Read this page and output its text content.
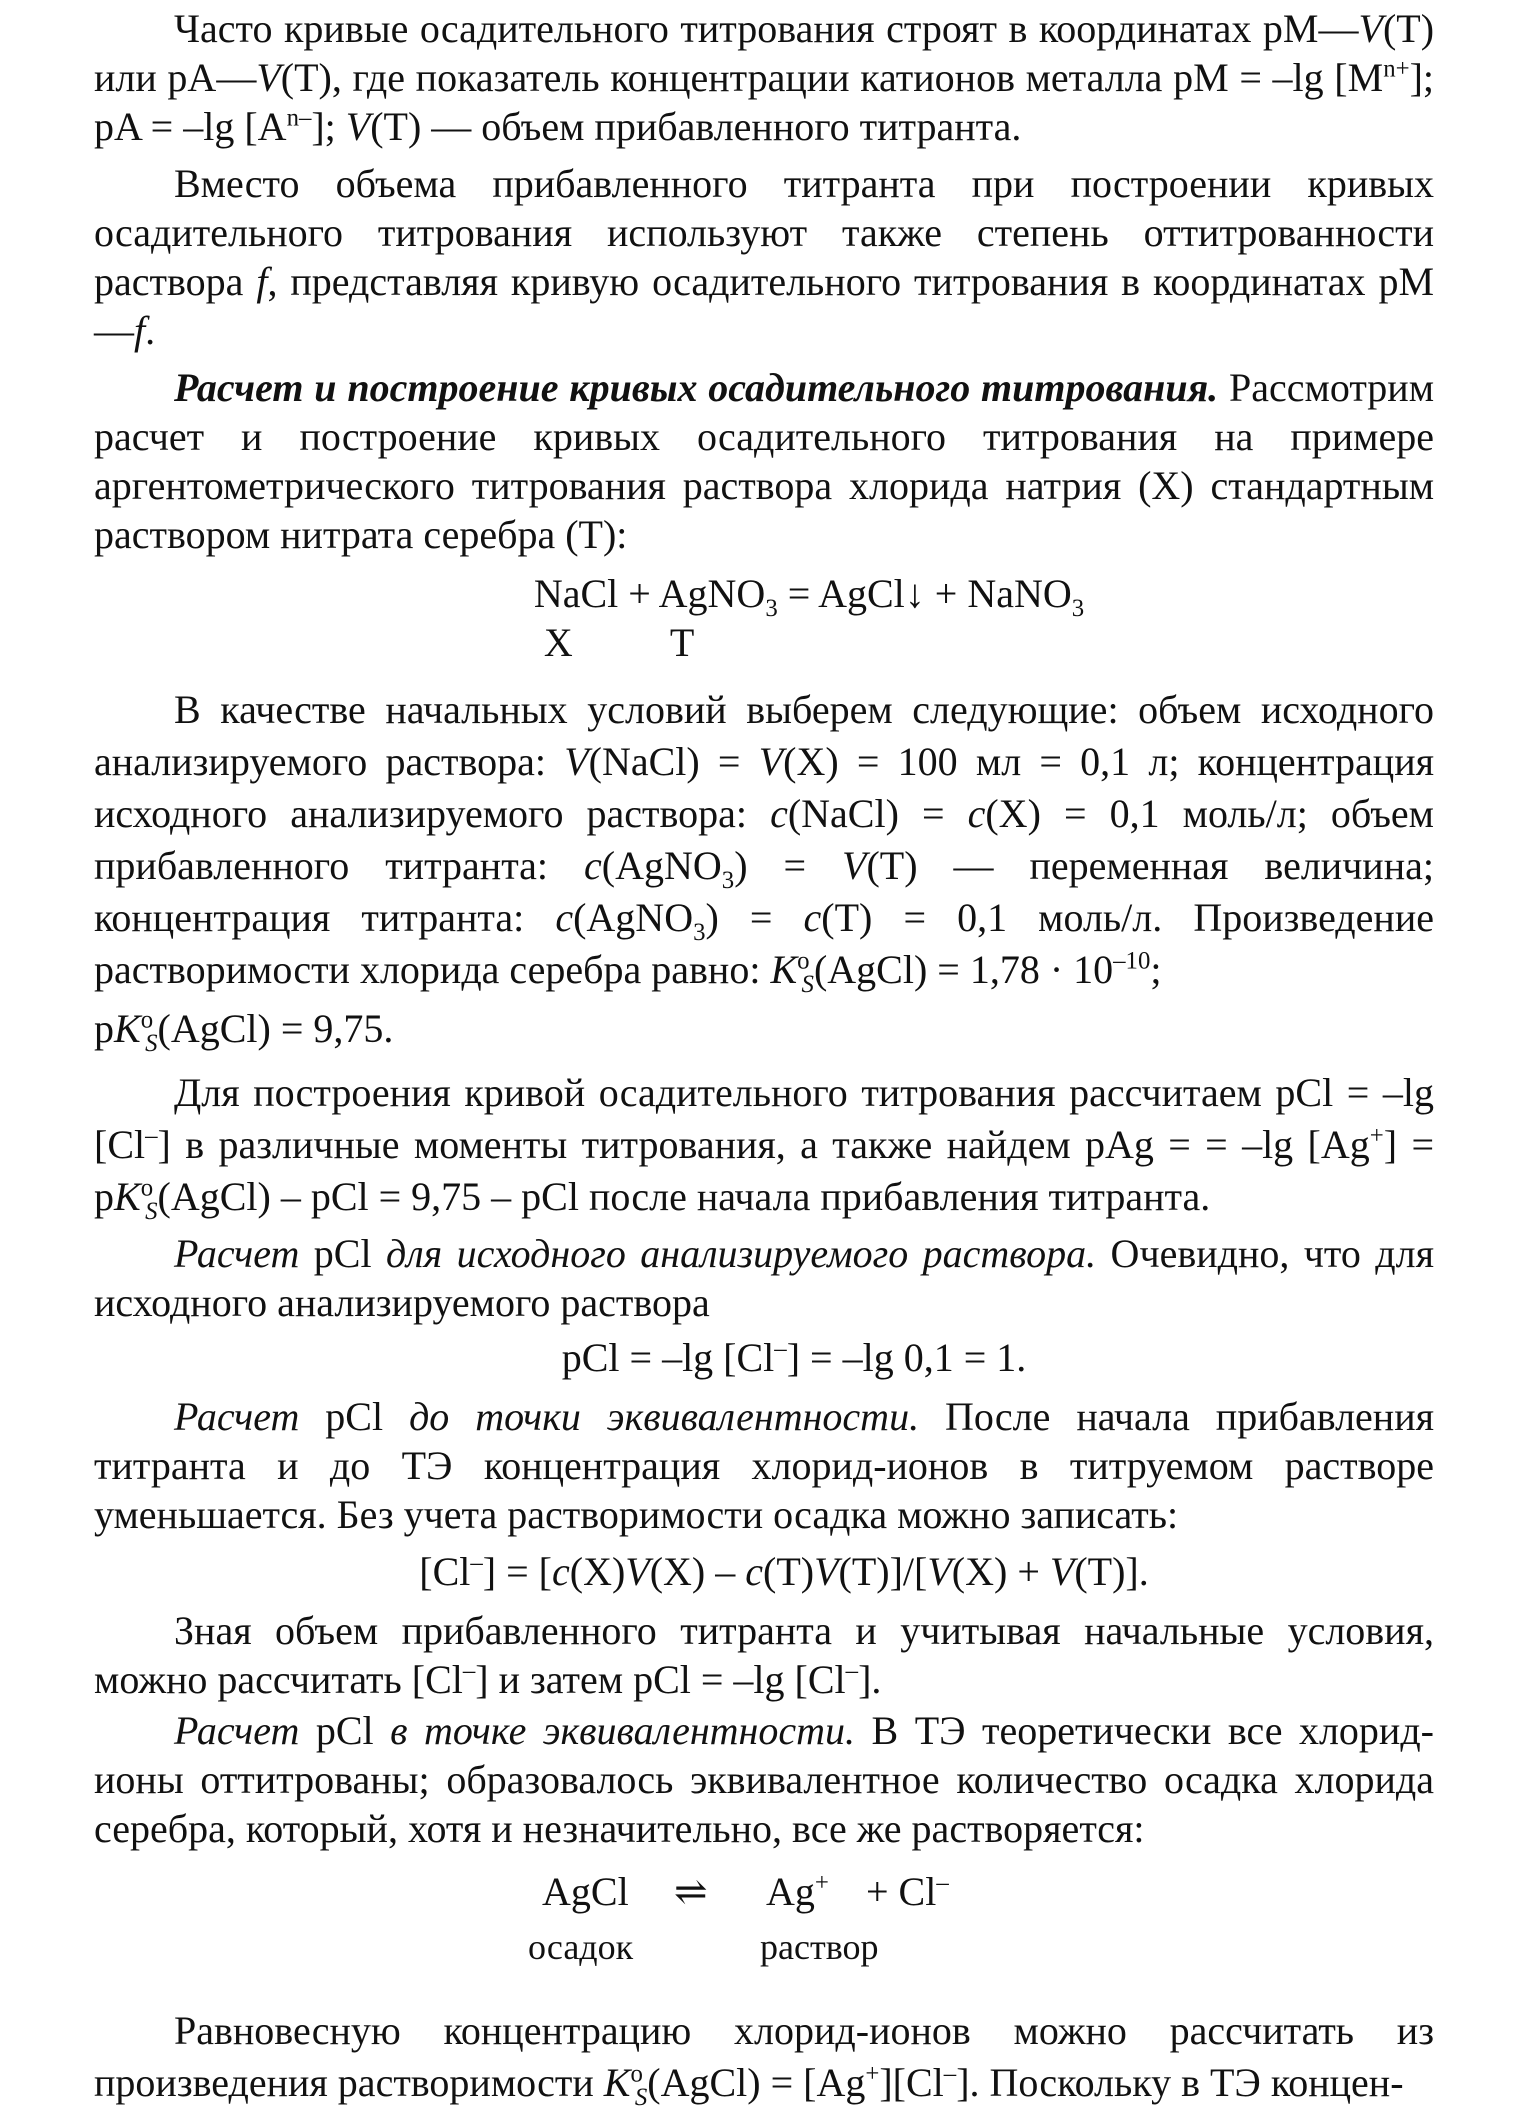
Часто кривые осадительного титрования строят в координатах pM—V(T) или pA—V(T), где показатель концентрации катионов металла pM = –lg $[M^{n+}]$; pA = –lg $[A^{n-}]$; V(T) — объем прибавленного титранта.

Вместо объема прибавленного титранта при построении кривых осадительного титрования используют также степень оттитрованности раствора f, представляя кривую осадительного титрования в координатах pM—f.

Расчет и построение кривых осадительного титрования. Рассмотрим расчет и построение кривых осадительного титрования на примере аргентометрического титрования раствора хлорида натрия (X) стандартным раствором нитрата серебра (T):

NaCl + AgNO$_3$ = AgCl↓ + NaNO$_3$
X T

В качестве начальных условий выберем следующие: объем исходного анализируемого раствора: V(NaCl) = V(X) = 100 мл = 0,1 л; концентрация исходного анализируемого раствора: c(NaCl) = c(X) = 0,1 моль/л; объем прибавленного титранта: c(AgNO$_3$) = V(T) — переменная величина; концентрация титранта: c(AgNO$_3$) = c(T) = 0,1 моль/л. Произведение растворимости хлорида серебра равно: $K^o_S(AgCl) = 1,78 \cdot 10^{-10}$;

$pK^o_S(AgCl) = 9,75$.

Для построения кривой осадительного титрования рассчитаем pCl = –lg [Cl–] в различные моменты титрования, а также найдем pAg = = –lg $[Ag^+] = pK^o_S(AgCl)$ – pCl = 9,75 – pCl после начала прибавления титранта.

Расчет pCl для исходного анализируемого раствора. Очевидно, что для исходного анализируемого раствора

pCl = –lg [Cl–] = –lg 0,1 = 1.

Расчет pCl до точки эквивалентности. После начала прибавления титранта и до ТЭ концентрация хлорид-ионов в титруемом растворе уменьшается. Без учета растворимости осадка можно записать:

[Cl–] = [c(X)V(X) – c(T)V(T)]/[V(X) + V(T)].

Зная объем прибавленного титранта и учитывая начальные условия, можно рассчитать [Cl–] и затем pCl = –lg [Cl–].

Расчет pCl в точке эквивалентности. В ТЭ теоретически все хлорид-ионы оттитрованы; образовалось эквивалентное количество осадка хлорида серебра, который, хотя и незначительно, все же растворяется:

AgCl ⇌ Ag+ + Cl–
осадок	раствор

Равновесную концентрацию хлорид-ионов можно рассчитать из произведения растворимости $K^o_S(AgCl) = [Ag^+][Cl^-]$. Поскольку в ТЭ концен-
